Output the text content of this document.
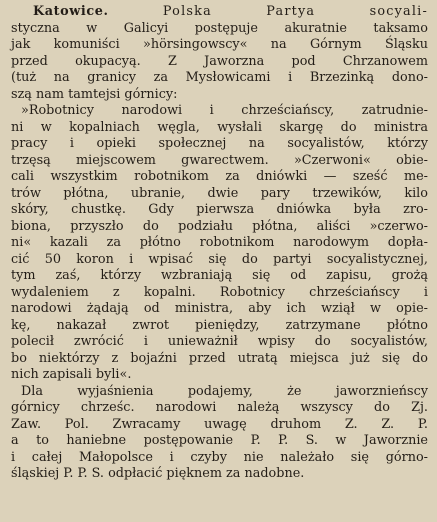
Katowice.	Polska Partya socyali-
styczna w Galicyi postępuje akuratnie taksamo
jak komuniści »hörsingowscy« na Górnym Śląsku
przed okupacyą. Z Jaworzna pod Chrzanowem
(tuż na granicy za Mysłowicami i Brzezinką dono-
szą nam tamtejsi górnicy:
»Robotnicy narodowi i chrześciańscy, zatrudnie-
ni w kopalniach węgla, wysłali skargę do ministra
pracy i opieki społecznej na socyalistów, którzy
trzęsą miejscowem gwarectwem. »Czerwoni« obie-
cali wszystkim robotnikom za dniówki — sześć me-
trów płótna, ubranie, dwie pary trzewików, kilo
skóry, chustkę. Gdy pierwsza dniówka była zro-
biona, przyszło do podziału płótna, aliści »czerwo-
ni« kazali za płótno robotnikom narodowym dopła-
cić 50 koron i wpisać się do partyi socyalistycznej,
tym zaś, którzy wzbraniają się od zapisu, grożą
wydaleniem z kopalni. Robotnicy chrześciańscy i
narodowi żądają od ministra, aby ich wziął w opie-
kę, nakazał zwrot pieniędzy, zatrzymane płótno
polecił zwrócić i unieważnił wpisy do socyalistów,
bo niektórzy z bojaźni przed utratą miejsca już się do
nich zapisali byli«.
Dla wyjaśnienia podajemy, że jaworznieńscy
górnicy chrześc. narodowi należą wszyscy do Zj.
Zaw. Pol. Zwracamy uwagę druhom Z. Z. P.
a to haniebne postępowanie P. P. S. w Jaworznie
i całej Małopolsce i czyby nie należało się górno-
śląskiej P. P. S. odpłacić pięknem za nadobne.
